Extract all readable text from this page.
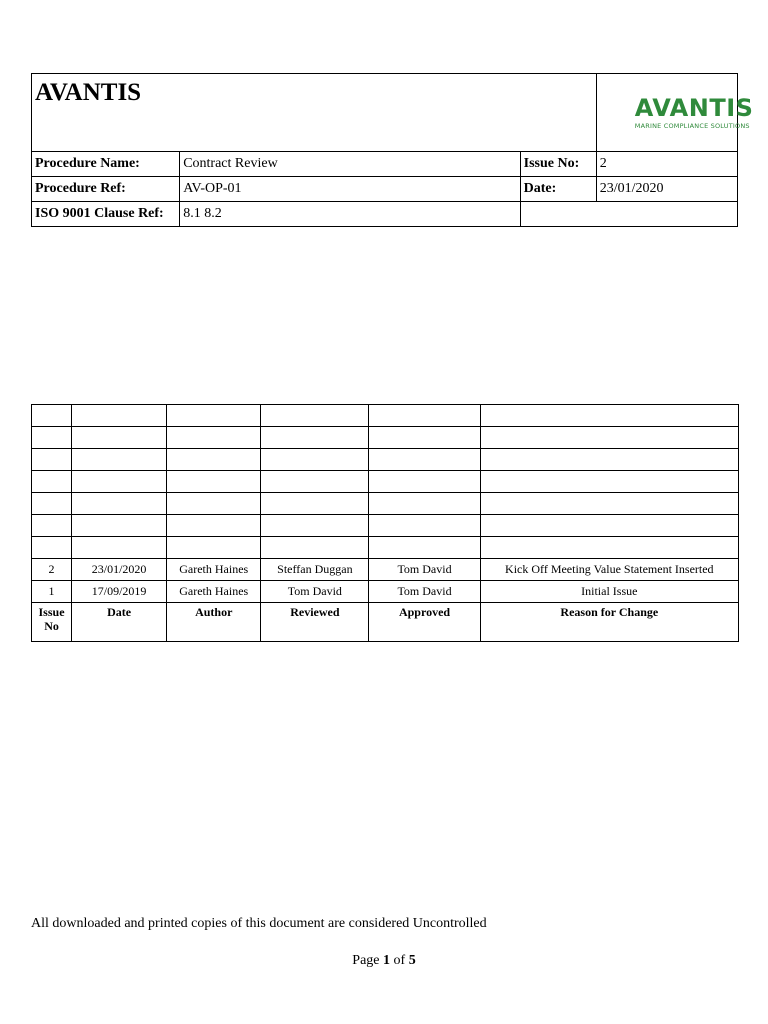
AVANTIS			AVANTIS
MARINE COMPLIANCE SOLUTIONS

Procedure Name:	Contract Review	Issue No:	2
Procedure Ref:	AV-OP-01	Date:	23/01/2020
ISO 9001 Clause Ref:	8.1 8.2		

2	23/01/2020	Gareth Haines	Steffan Duggan	Tom David	Kick Off Meeting Value Statement Inserted
1	17/09/2019	Gareth Haines	Tom David	Tom David	Initial Issue
Issue No	Date	Author	Reviewed	Approved	Reason for Change
All downloaded and printed copies of this document are considered Uncontrolled
Page 1 of 5
